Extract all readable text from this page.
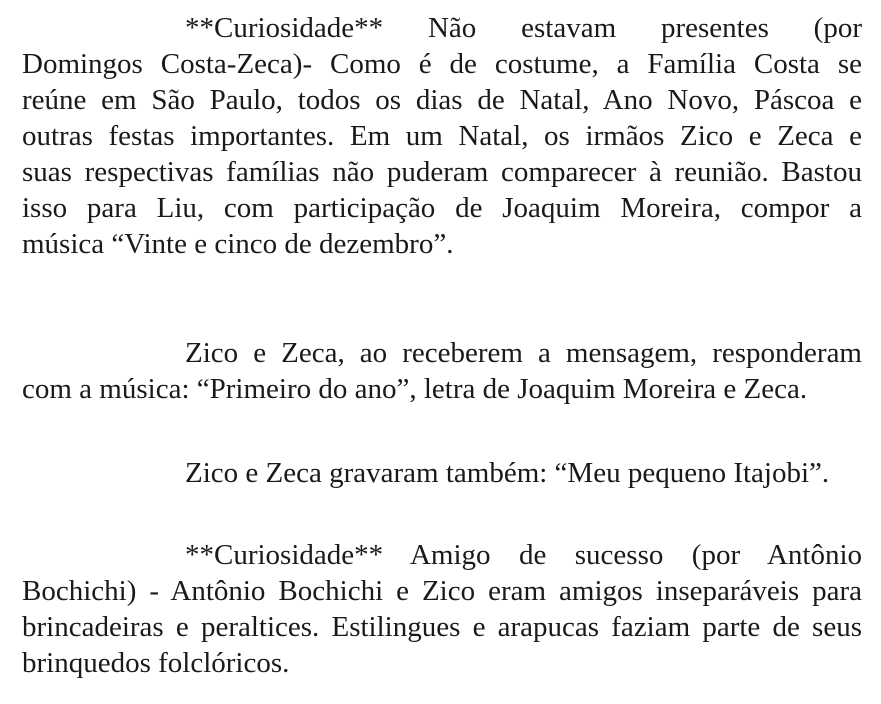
**Curiosidade** Não estavam presentes (por
Domingos Costa-Zeca)- Como é de costume, a Família Costa se
reúne em São Paulo, todos os dias de Natal, Ano Novo, Páscoa e
outras festas importantes. Em um Natal, os irmãos Zico e Zeca e
suas respectivas famílias não puderam comparecer à reunião. Bastou
isso para Liu, com participação de Joaquim Moreira, compor a
música “Vinte e cinco de dezembro”.
Zico e Zeca, ao receberem a mensagem, responderam
com a música: “Primeiro do ano”, letra de Joaquim Moreira e Zeca.
Zico e Zeca gravaram também: “Meu pequeno Itajobi”.
**Curiosidade** Amigo de sucesso (por Antônio
Bochichi) - Antônio Bochichi e Zico eram amigos inseparáveis para
brincadeiras e peraltices. Estilingues e arapucas faziam parte de seus
brinquedos folclóricos.
